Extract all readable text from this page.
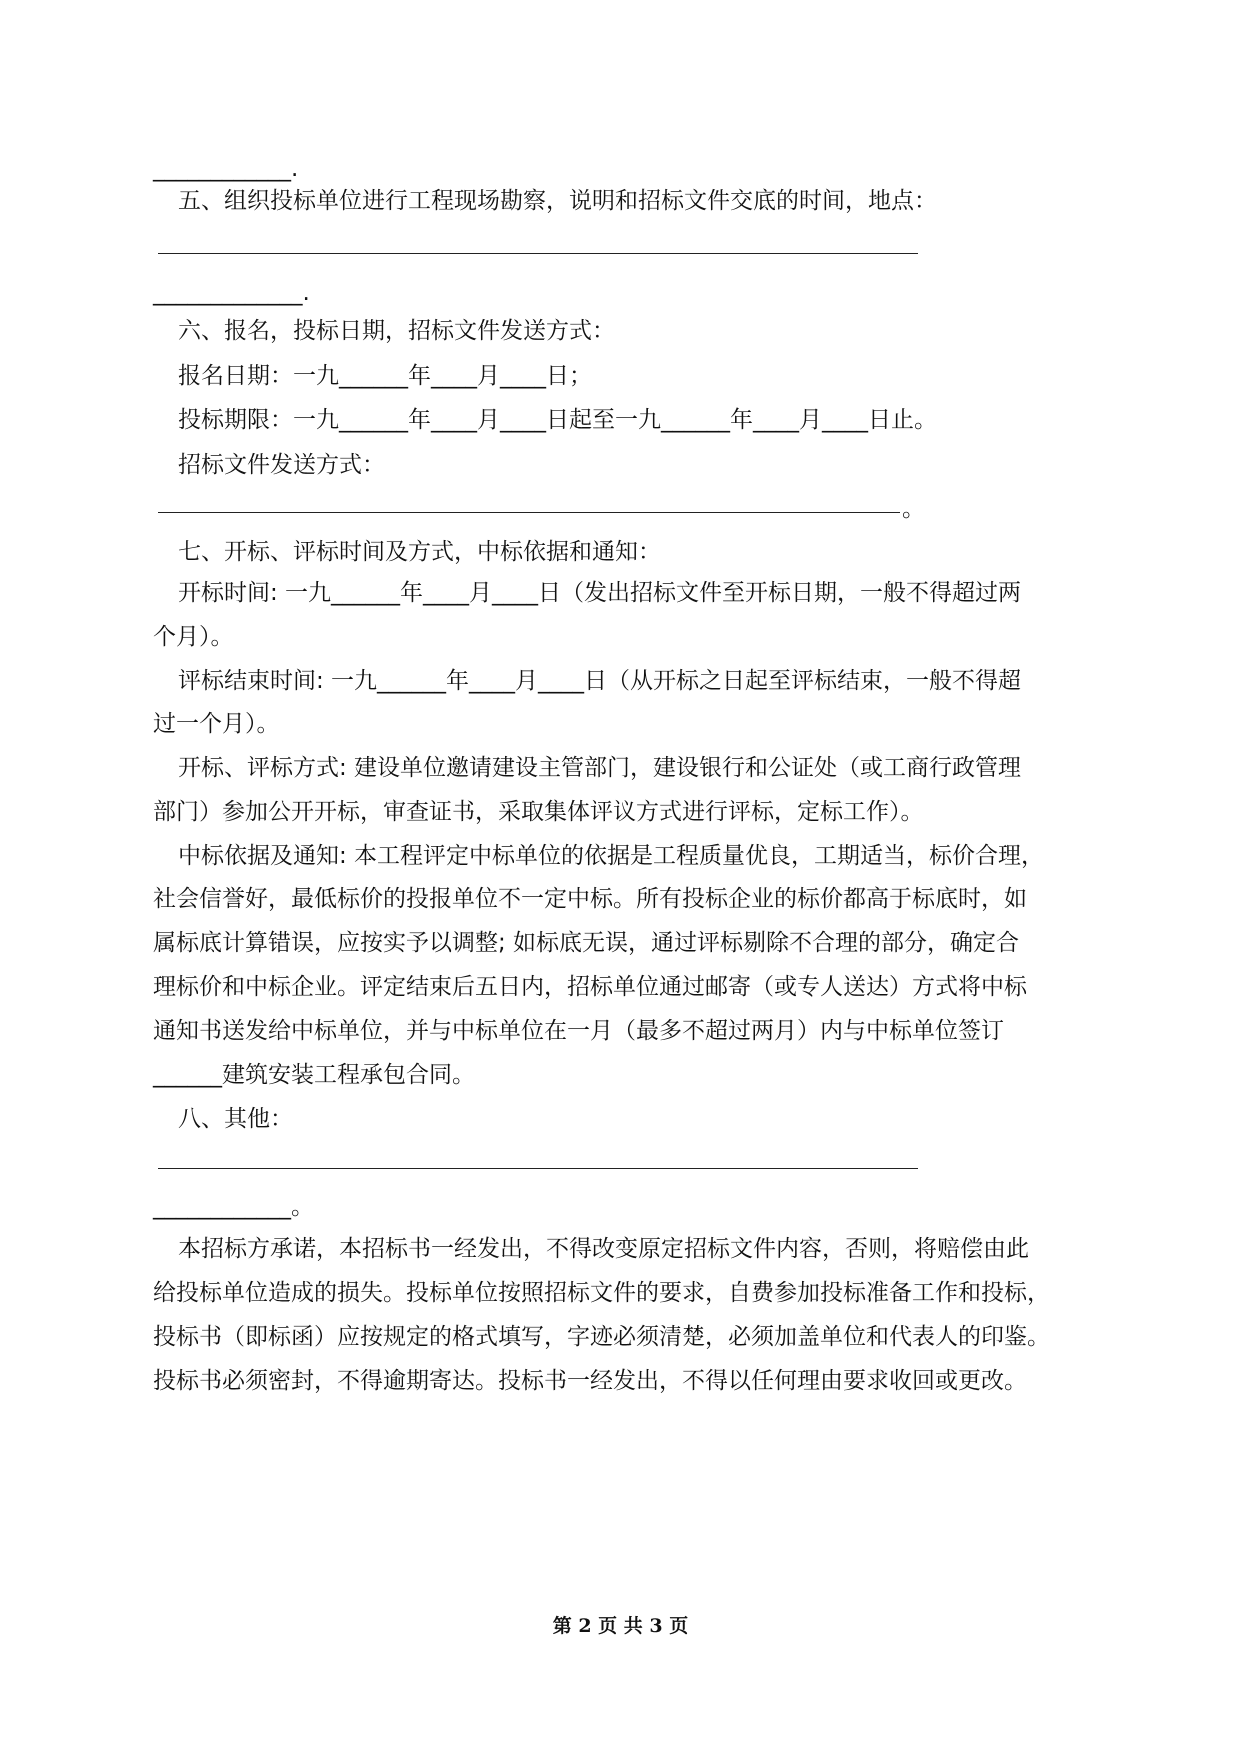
____________.
五、组织投标单位进行工程现场勘察，说明和招标文件交底的时间，地点：
_____________.
六、报名，投标日期，招标文件发送方式：
报名日期：一九______年____月____日；
投标期限：一九______年____月____日起至一九______年____月____日止。
招标文件发送方式：
。
七、开标、评标时间及方式，中标依据和通知：
开标时间: 一九______年____月____日（发出招标文件至开标日期，一般不得超过两
个月）。
评标结束时间: 一九______年____月____日（从开标之日起至评标结束，一般不得超
过一个月）。
开标、评标方式: 建设单位邀请建设主管部门，建设银行和公证处（或工商行政管理
部门）参加公开开标，审查证书，采取集体评议方式进行评标，定标工作）。
中标依据及通知: 本工程评定中标单位的依据是工程质量优良，工期适当，标价合理，
社会信誉好，最低标价的投报单位不一定中标。所有投标企业的标价都高于标底时，如
属标底计算错误，应按实予以调整; 如标底无误，通过评标剔除不合理的部分，确定合
理标价和中标企业。评定结束后五日内，招标单位通过邮寄（或专人送达）方式将中标
通知书送发给中标单位，并与中标单位在一月（最多不超过两月）内与中标单位签订
______建筑安装工程承包合同。
八、其他：
____________。
本招标方承诺，本招标书一经发出，不得改变原定招标文件内容，否则，将赔偿由此
给投标单位造成的损失。投标单位按照招标文件的要求，自费参加投标准备工作和投标，
投标书（即标函）应按规定的格式填写，字迹必须清楚，必须加盖单位和代表人的印鉴。
投标书必须密封，不得逾期寄达。投标书一经发出，不得以任何理由要求收回或更改。
第 2 页 共 3 页
